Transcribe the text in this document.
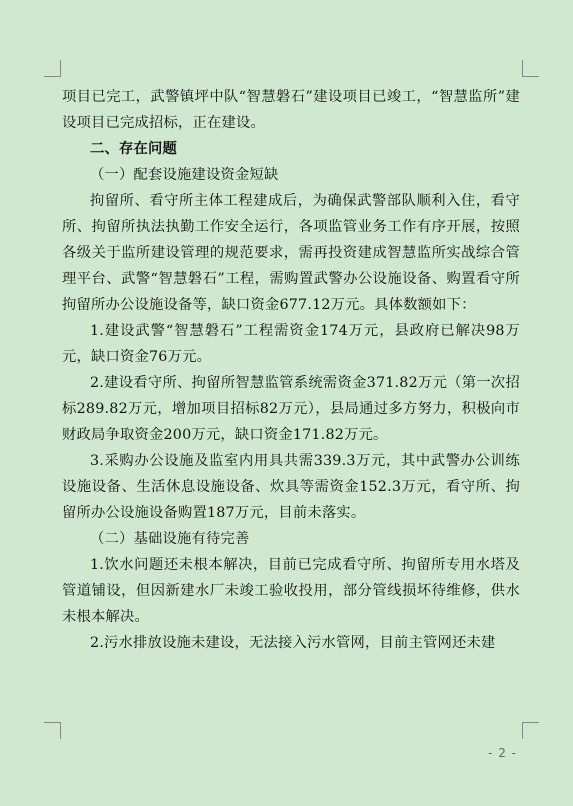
项目已完工，武警镇坪中队“智慧磐石”建设项目已竣工，“智慧监所”建设项目已完成招标，正在建设。

二、存在问题

（一）配套设施建设资金短缺

拘留所、看守所主体工程建成后，为确保武警部队顺利入住，看守所、拘留所执法执勤工作安全运行，各项监管业务工作有序开展，按照各级关于监所建设管理的规范要求，需再投资建成智慧监所实战综合管理平台、武警“智慧磐石”工程，需购置武警办公设施设备、购置看守所拘留所办公设施设备等，缺口资金677.12万元。具体数额如下：

1.建设武警“智慧磐石”工程需资金174万元，县政府已解决98万元，缺口资金76万元。

2.建设看守所、拘留所智慧监管系统需资金371.82万元（第一次招标289.82万元，增加项目招标82万元），县局通过多方努力，积极向市财政局争取资金200万元，缺口资金171.82万元。

3.采购办公设施及监室内用具共需339.3万元，其中武警办公训练设施设备、生活休息设施设备、炊具等需资金152.3万元，看守所、拘留所办公设施设备购置187万元，目前未落实。

（二）基础设施有待完善

1.饮水问题还未根本解决，目前已完成看守所、拘留所专用水塔及管道铺设，但因新建水厂未竣工验收投用，部分管线损坏待维修，供水未根本解决。

2.污水排放设施未建设，无法接入污水管网，目前主管网还未建

- 2 -
